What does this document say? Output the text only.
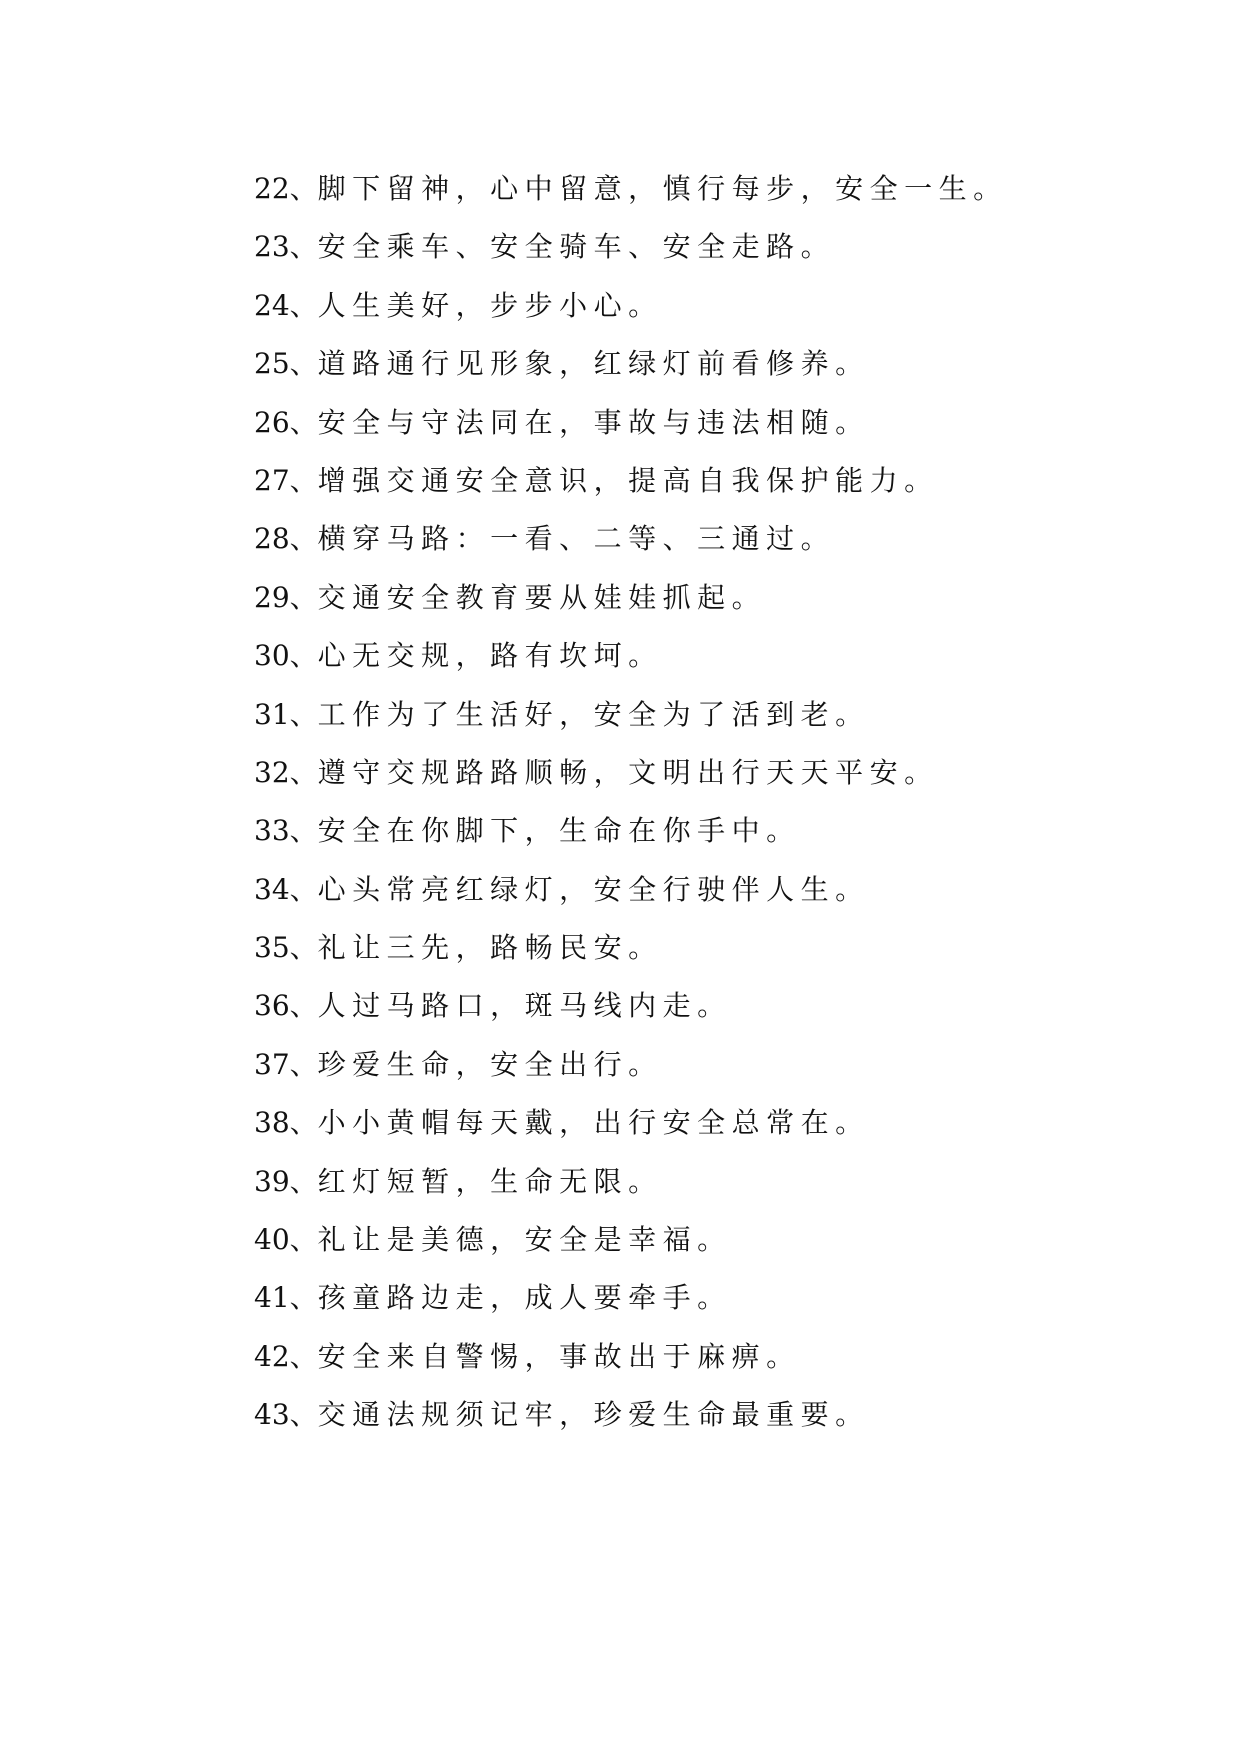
22、脚下留神，心中留意，慎行每步，安全一生。
23、安全乘车、安全骑车、安全走路。
24、人生美好，步步小心。
25、道路通行见形象，红绿灯前看修养。
26、安全与守法同在，事故与违法相随。
27、增强交通安全意识，提高自我保护能力。
28、横穿马路：一看、二等、三通过。
29、交通安全教育要从娃娃抓起。
30、心无交规，路有坎坷。
31、工作为了生活好，安全为了活到老。
32、遵守交规路路顺畅，文明出行天天平安。
33、安全在你脚下，生命在你手中。
34、心头常亮红绿灯，安全行驶伴人生。
35、礼让三先，路畅民安。
36、人过马路口，斑马线内走。
37、珍爱生命，安全出行。
38、小小黄帽每天戴，出行安全总常在。
39、红灯短暂，生命无限。
40、礼让是美德，安全是幸福。
41、孩童路边走，成人要牵手。
42、安全来自警惕，事故出于麻痹。
43、交通法规须记牢，珍爱生命最重要。
